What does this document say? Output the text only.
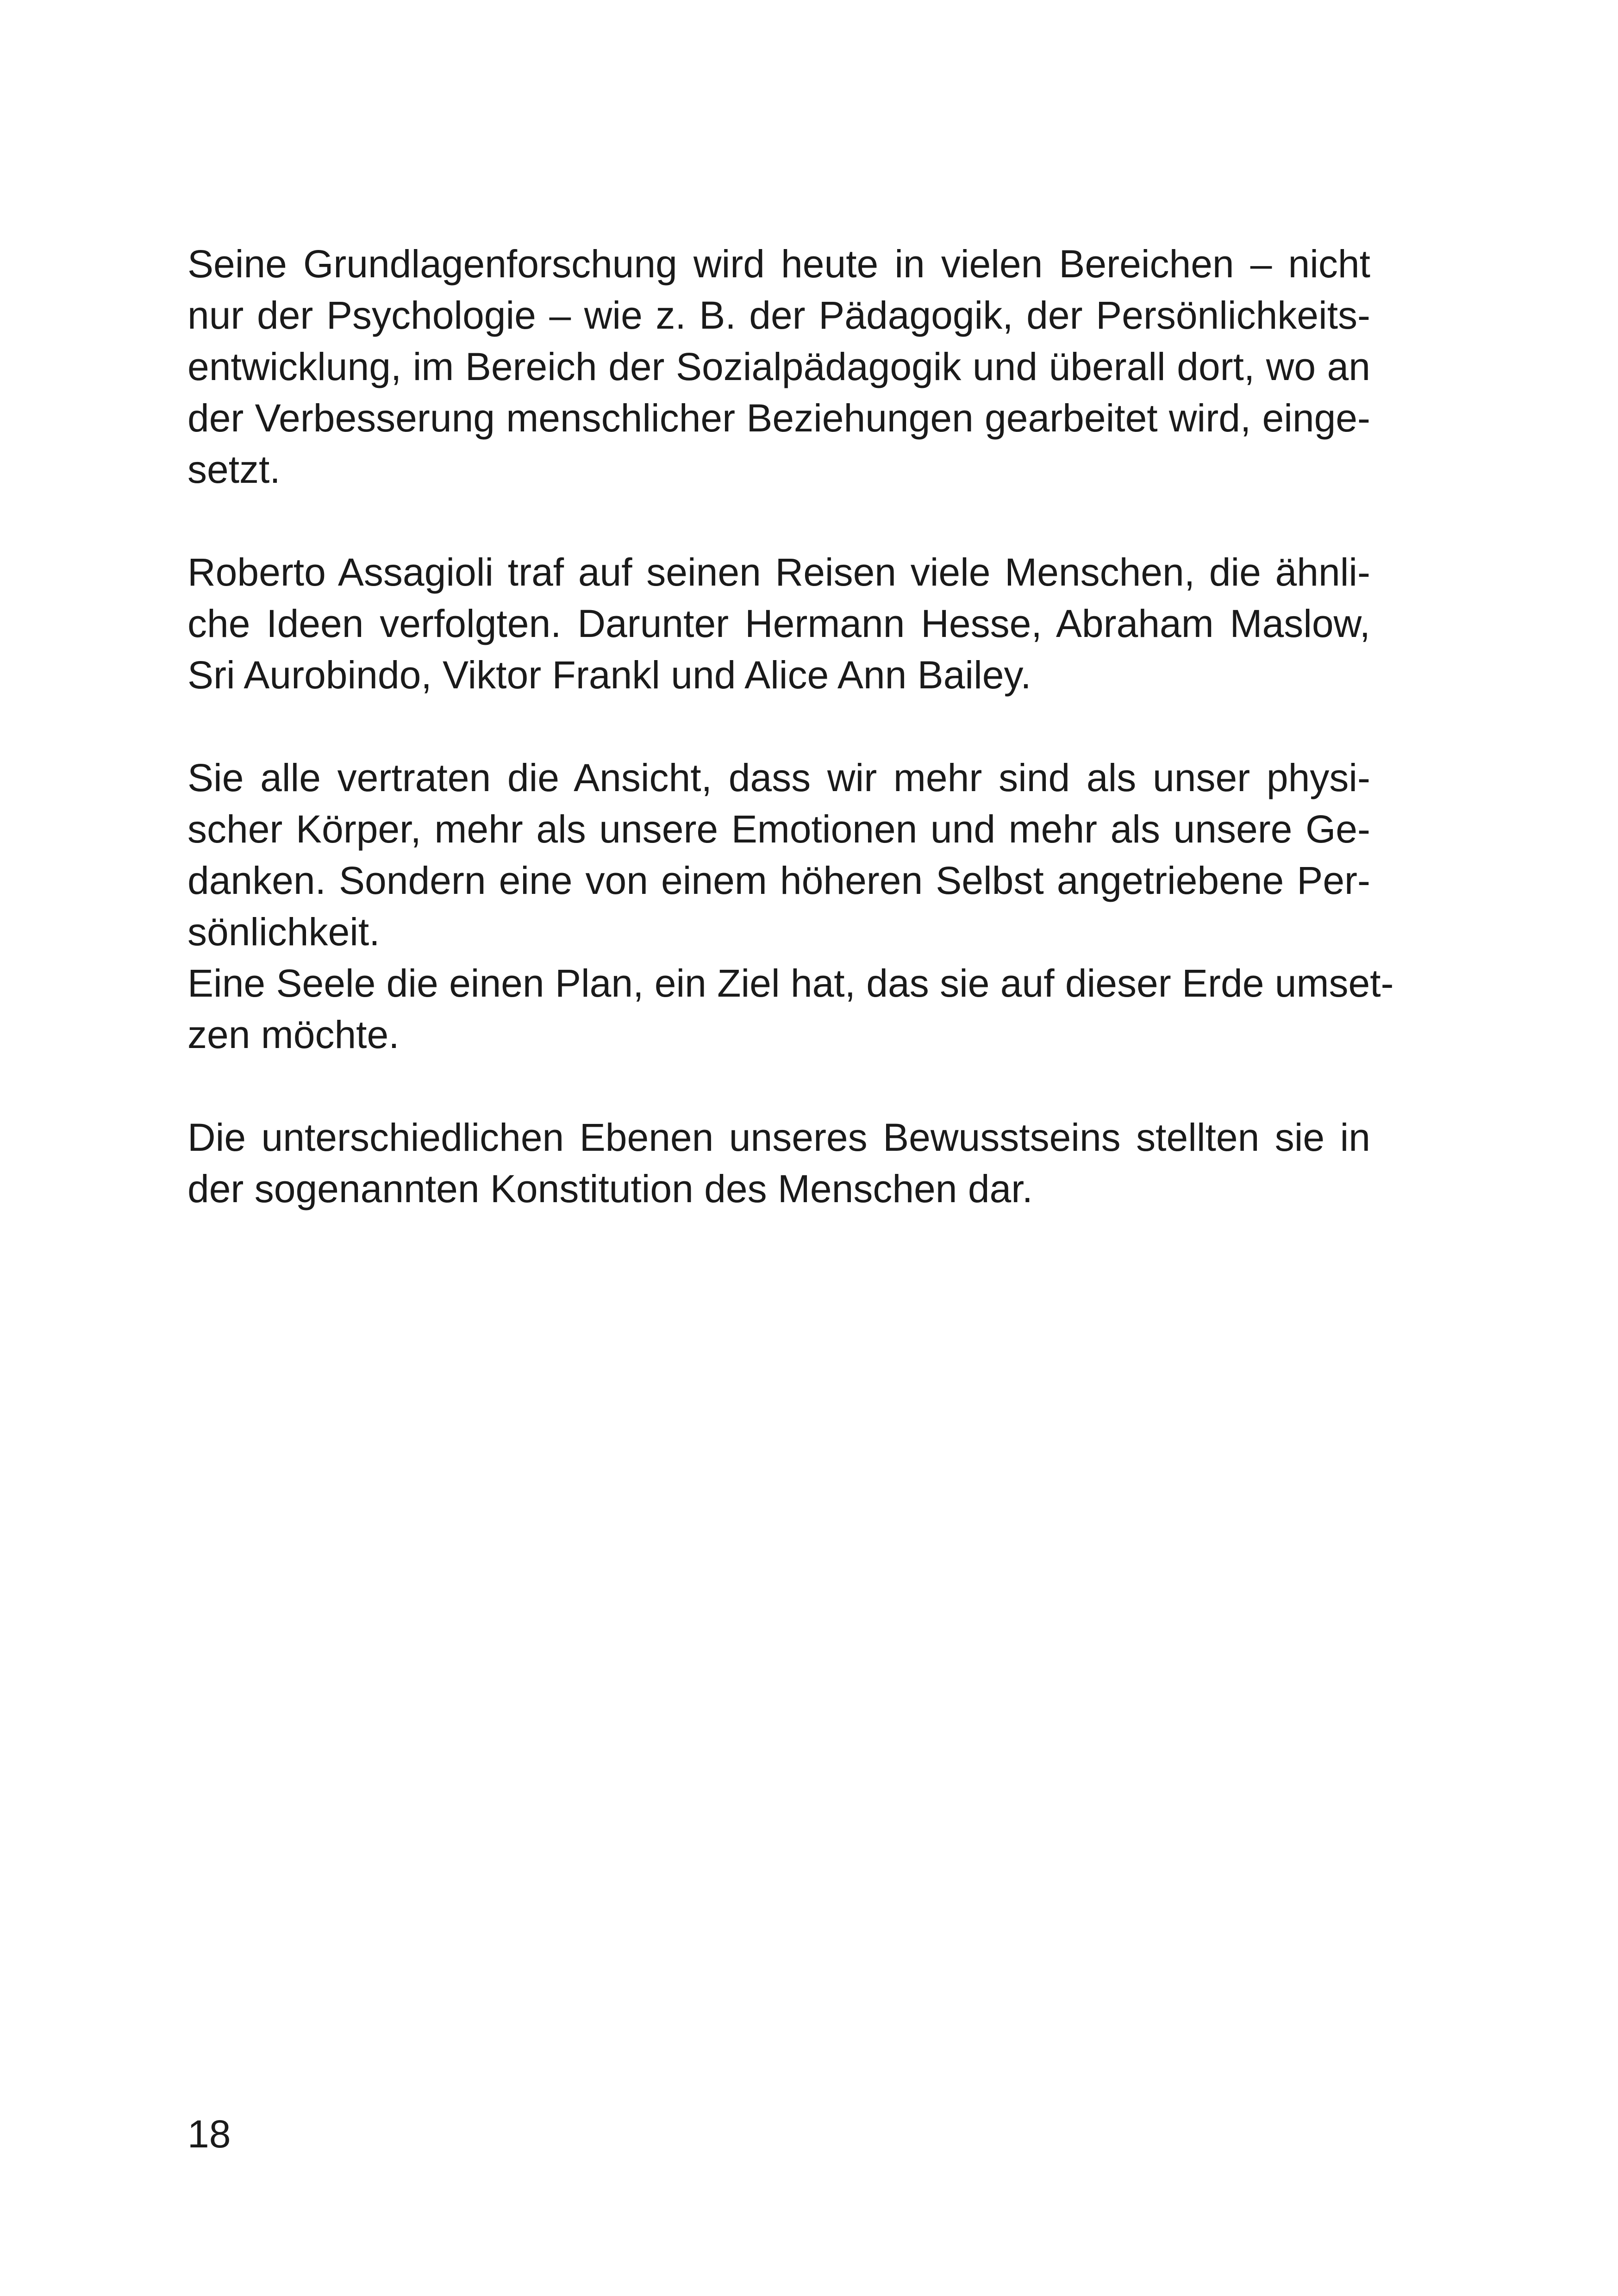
Seine Grundlagenforschung wird heute in vielen Bereichen – nicht
nur der Psychologie – wie z. B. der Pädagogik, der Persönlichkeits-
entwicklung, im Bereich der Sozialpädagogik und überall dort, wo an
der Verbesserung menschlicher Beziehungen gearbeitet wird, einge-
setzt.

Roberto Assagioli traf auf seinen Reisen viele Menschen, die ähnli-
che Ideen verfolgten. Darunter Hermann Hesse, Abraham Maslow,
Sri Aurobindo, Viktor Frankl und Alice Ann Bailey.

Sie alle vertraten die Ansicht, dass wir mehr sind als unser physi-
scher Körper, mehr als unsere Emotionen und mehr als unsere Ge-
danken. Sondern eine von einem höheren Selbst angetriebene Per-
sönlichkeit.
Eine Seele die einen Plan, ein Ziel hat, das sie auf dieser Erde umset-
zen möchte.

Die unterschiedlichen Ebenen unseres Bewusstseins stellten sie in
der sogenannten Konstitution des Menschen dar.

18
